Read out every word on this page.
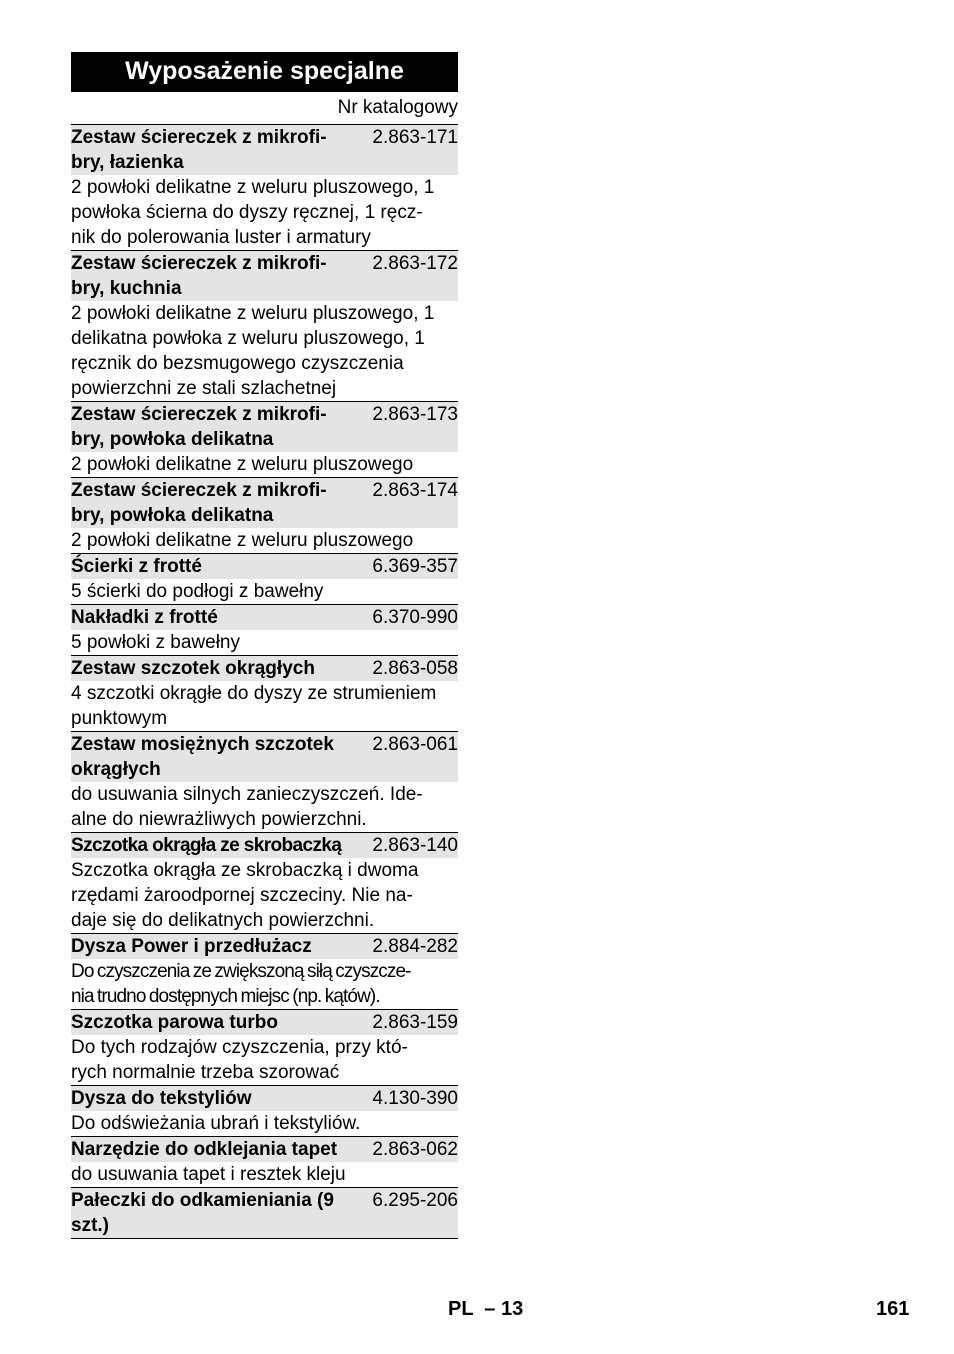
Wyposażenie specjalne
Nr katalogowy
Zestaw ściereczek z mikrofi-
bry, łazienka
2.863-171
2 powłoki delikatne z weluru pluszowego, 1
powłoka ścierna do dyszy ręcznej, 1 ręcz-
nik do polerowania luster i armatury
Zestaw ściereczek z mikrofi-
bry, kuchnia
2.863-172
2 powłoki delikatne z weluru pluszowego, 1
delikatna powłoka z weluru pluszowego, 1
ręcznik do bezsmugowego czyszczenia
powierzchni ze stali szlachetnej
Zestaw ściereczek z mikrofi-
bry, powłoka delikatna
2.863-173
2 powłoki delikatne z weluru pluszowego
Zestaw ściereczek z mikrofi-
bry, powłoka delikatna
2.863-174
2 powłoki delikatne z weluru pluszowego
Ścierki z frotté	6.369-357
5 ścierki do podłogi z bawełny
Nakładki z frotté	6.370-990
5 powłoki z bawełny
Zestaw szczotek okrągłych	2.863-058
4 szczotki okrągłe do dyszy ze strumieniem
punktowym
Zestaw mosiężnych szczotek
okrągłych
2.863-061
do usuwania silnych zanieczyszczeń. Ide-
alne do niewrażliwych powierzchni.
Szczotka okrągła ze skrobaczką	2.863-140
Szczotka okrągła ze skrobaczką i dwoma
rzędami żaroodpornej szczeciny. Nie na-
daje się do delikatnych powierzchni.
Dysza Power i przedłużacz	2.884-282
Do czyszczenia ze zwiększoną siłą czyszcze-
nia trudno dostępnych miejsc (np. kątów).
Szczotka parowa turbo	2.863-159
Do tych rodzajów czyszczenia, przy któ-
rych normalnie trzeba szorować
Dysza do tekstyliów	4.130-390
Do odświeżania ubrań i tekstyliów.
Narzędzie do odklejania tapet	2.863-062
do usuwania tapet i resztek kleju
Pałeczki do odkamieniania (9
szt.)
6.295-206
PL  – 13	161
